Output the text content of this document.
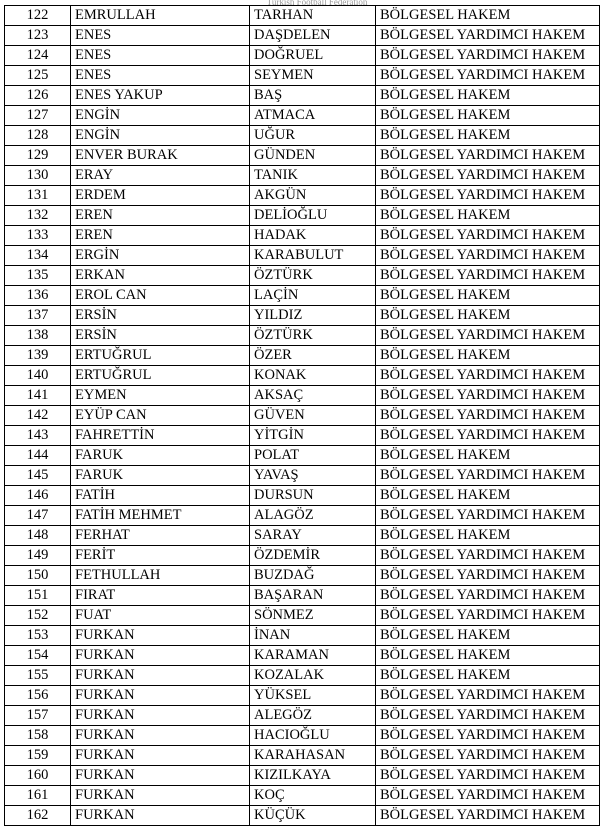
Turkish Football Federation
122	EMRULLAH	TARHAN	BÖLGESEL HAKEM
123	ENES	DAŞDELEN	BÖLGESEL YARDIMCI HAKEM
124	ENES	DOĞRUEL	BÖLGESEL YARDIMCI HAKEM
125	ENES	SEYMEN	BÖLGESEL YARDIMCI HAKEM
126	ENES YAKUP	BAŞ	BÖLGESEL HAKEM
127	ENGİN	ATMACA	BÖLGESEL HAKEM
128	ENGİN	UĞUR	BÖLGESEL HAKEM
129	ENVER BURAK	GÜNDEN	BÖLGESEL YARDIMCI HAKEM
130	ERAY	TANIK	BÖLGESEL YARDIMCI HAKEM
131	ERDEM	AKGÜN	BÖLGESEL YARDIMCI HAKEM
132	EREN	DELİOĞLU	BÖLGESEL HAKEM
133	EREN	HADAK	BÖLGESEL YARDIMCI HAKEM
134	ERGİN	KARABULUT	BÖLGESEL YARDIMCI HAKEM
135	ERKAN	ÖZTÜRK	BÖLGESEL YARDIMCI HAKEM
136	EROL CAN	LAÇİN	BÖLGESEL HAKEM
137	ERSİN	YILDIZ	BÖLGESEL HAKEM
138	ERSİN	ÖZTÜRK	BÖLGESEL YARDIMCI HAKEM
139	ERTUĞRUL	ÖZER	BÖLGESEL HAKEM
140	ERTUĞRUL	KONAK	BÖLGESEL YARDIMCI HAKEM
141	EYMEN	AKSAÇ	BÖLGESEL YARDIMCI HAKEM
142	EYÜP CAN	GÜVEN	BÖLGESEL YARDIMCI HAKEM
143	FAHRETTİN	YİTGİN	BÖLGESEL YARDIMCI HAKEM
144	FARUK	POLAT	BÖLGESEL HAKEM
145	FARUK	YAVAŞ	BÖLGESEL YARDIMCI HAKEM
146	FATİH	DURSUN	BÖLGESEL HAKEM
147	FATİH MEHMET	ALAGÖZ	BÖLGESEL YARDIMCI HAKEM
148	FERHAT	SARAY	BÖLGESEL HAKEM
149	FERİT	ÖZDEMİR	BÖLGESEL YARDIMCI HAKEM
150	FETHULLAH	BUZDAĞ	BÖLGESEL YARDIMCI HAKEM
151	FIRAT	BAŞARAN	BÖLGESEL YARDIMCI HAKEM
152	FUAT	SÖNMEZ	BÖLGESEL YARDIMCI HAKEM
153	FURKAN	İNAN	BÖLGESEL HAKEM
154	FURKAN	KARAMAN	BÖLGESEL HAKEM
155	FURKAN	KOZALAK	BÖLGESEL HAKEM
156	FURKAN	YÜKSEL	BÖLGESEL YARDIMCI HAKEM
157	FURKAN	ALEGÖZ	BÖLGESEL YARDIMCI HAKEM
158	FURKAN	HACIOĞLU	BÖLGESEL YARDIMCI HAKEM
159	FURKAN	KARAHASAN	BÖLGESEL YARDIMCI HAKEM
160	FURKAN	KIZILKAYA	BÖLGESEL YARDIMCI HAKEM
161	FURKAN	KOÇ	BÖLGESEL YARDIMCI HAKEM
162	FURKAN	KÜÇÜK	BÖLGESEL YARDIMCI HAKEM
